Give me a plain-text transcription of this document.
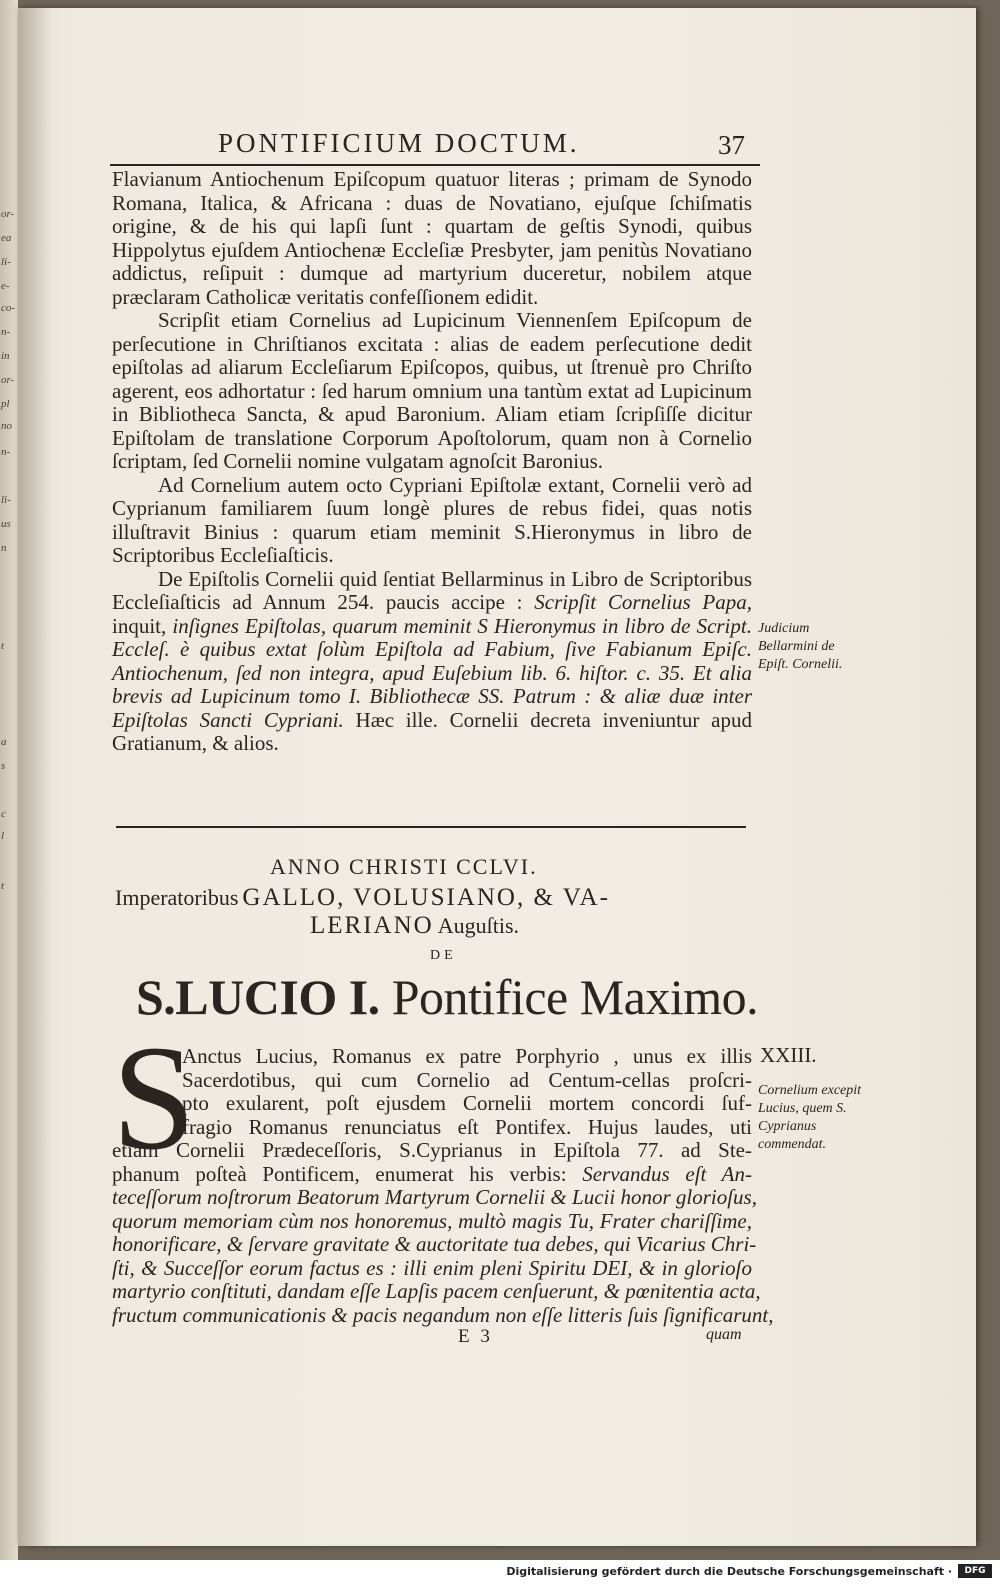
or-
ea
li-
e-
co-
n-
in
or-
pl
no
n-
li-
us
n
t
a
s
c
l
t
PONTIFICIUM DOCTUM.	37

Flavianum Antiochenum Epiſcopum quatuor literas ; primam de Synodo Romana, Italica, & Africana : duas de Novatiano, ejuſque ſchiſmatis origine, & de his qui lapſi ſunt : quartam de geſtis Synodi, quibus Hippolytus ejuſdem Antiochenæ Eccleſiæ Presbyter, jam penitùs Novatiano addictus, reſipuit : dumque ad martyrium duceretur, nobilem atque præclaram Catholicæ veritatis confeſſionem edidit.

Scripſit etiam Cornelius ad Lupicinum Viennenſem Epiſcopum de perſecutione in Chriſtianos excitata : alias de eadem perſecutione dedit epiſtolas ad aliarum Eccleſiarum Epiſcopos, quibus, ut ſtrenuè pro Chriſto agerent, eos adhortatur : ſed harum omnium una tantùm extat ad Lupicinum in Bibliotheca Sancta, & apud Baronium. Aliam etiam ſcripſiſſe dicitur Epiſtolam de translatione Corporum Apoſtolorum, quam non à Cornelio ſcriptam, ſed Cornelii nomine vulgatam agnoſcit Baronius.

Ad Cornelium autem octo Cypriani Epiſtolæ extant, Cornelii verò ad Cyprianum familiarem ſuum longè plures de rebus fidei, quas notis illuſtravit Binius : quarum etiam meminit S.Hieronymus in libro de Scriptoribus Eccleſiaſticis.

De Epiſtolis Cornelii quid ſentiat Bellarminus in Libro de Scriptoribus Eccleſiaſticis ad Annum 254. paucis accipe : Scripſit Cornelius Papa, inquit, inſignes Epiſtolas, quarum meminit S Hieronymus in libro de Script. Eccleſ. è quibus extat ſolùm Epiſtola ad Fabium, ſive Fabianum Epiſc. Antiochenum, ſed non integra, apud Euſebium lib. 6. hiſtor. c. 35. Et alia brevis ad Lupicinum tomo I. Bibliothecæ SS. Patrum : & aliæ duæ inter Epiſtolas Sancti Cypriani. Hæc ille. Cornelii decreta inveniuntur apud Gratianum, & alios.

Judicium Bellarmini de Epiſt. Cornelii.
ANNO CHRISTI CCLVI.
Imperatoribus GALLO, VOLUSIANO, & VA-
LERIANO Auguſtis.
DE
S.LUCIO I. Pontifice Maximo.
XXIII.
Cornelium excepit Lucius, quem S. Cyprianus commendat.
S
Anctus Lucius, Romanus ex patre Porphyrio , unus ex illis
Sacerdotibus, qui cum Cornelio ad Centum-cellas proſcri-
pto exularent, poſt ejusdem Cornelii mortem concordi ſuf-
fragio Romanus renunciatus eſt Pontifex. Hujus laudes, uti
etiam Cornelii Prædeceſſoris, S.Cyprianus in Epiſtola 77. ad Ste-
phanum poſteà Pontificem, enumerat his verbis: Servandus eſt An-
teceſſorum noſtrorum Beatorum Martyrum Cornelii & Lucii honor glorioſus,
quorum memoriam cùm nos honoremus, multò magis Tu, Frater chariſſime,
honorificare, & ſervare gravitate & auctoritate tua debes, qui Vicarius Chri-
ſti, & Succeſſor eorum factus es : illi enim pleni Spiritu DEI, & in glorioſo
martyrio conſtituti, dandam eſſe Lapſis pacem cenſuerunt, & pœnitentia acta,
fructum communicationis & pacis negandum non eſſe litteris ſuis ſignificarunt,
E 3	quam
Digitalisierung gefördert durch die Deutsche Forschungsgemeinschaft ·	DFG
